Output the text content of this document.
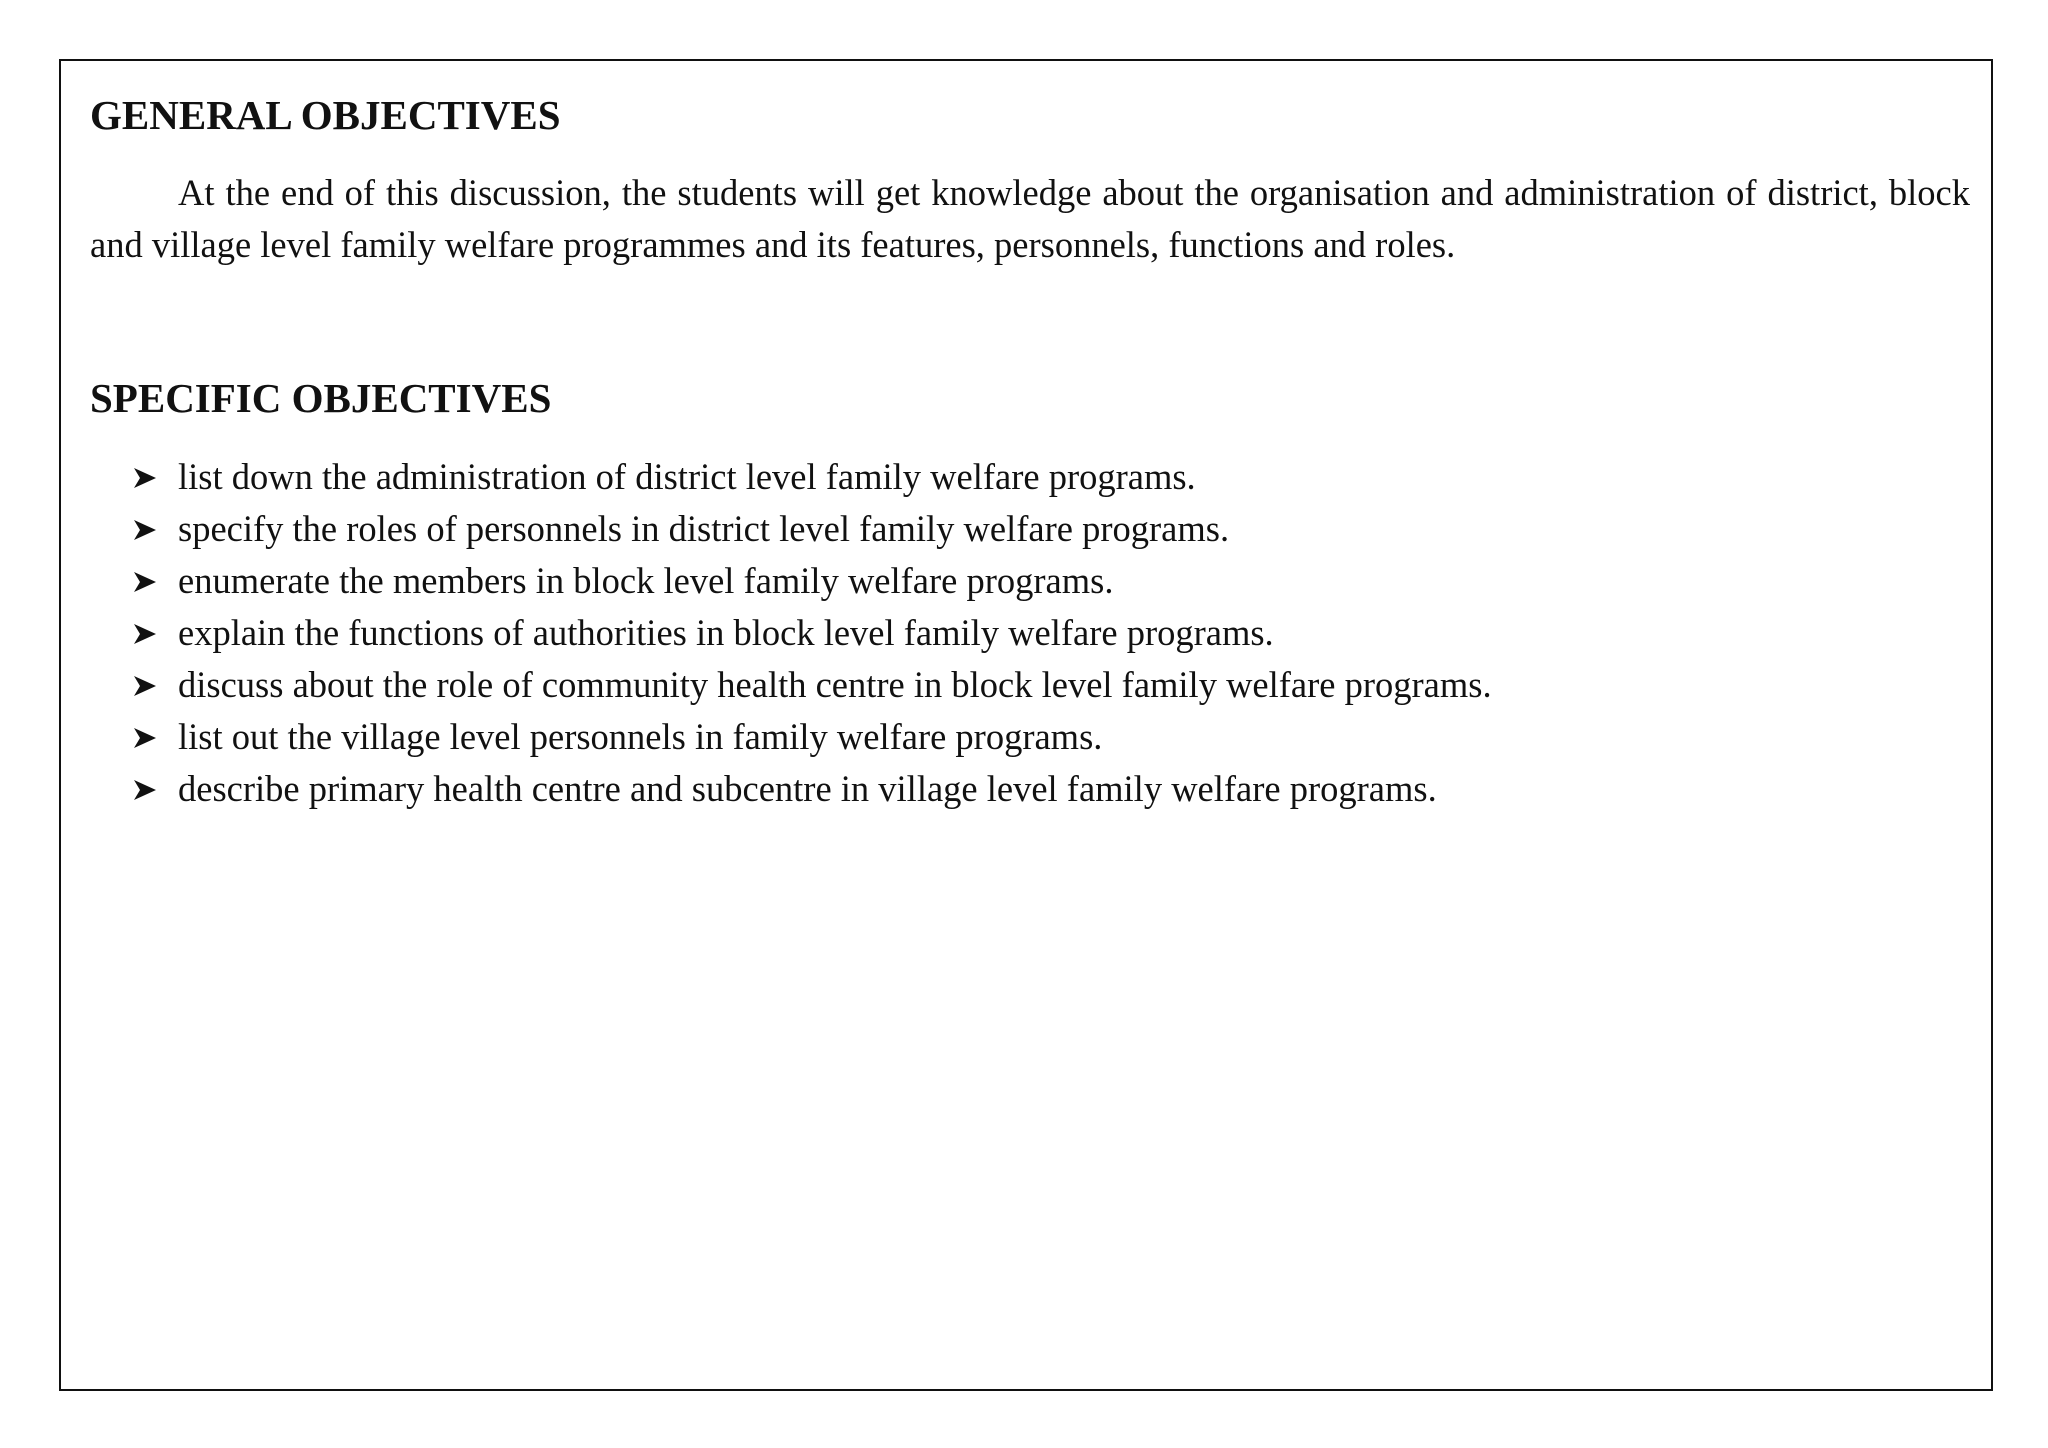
GENERAL OBJECTIVES

At the end of this discussion, the students will get knowledge about the organisation and administration of district, block and village level family welfare programmes and its features, personnels, functions and roles.

SPECIFIC OBJECTIVES
list down the administration of district level family welfare programs.
specify the roles of personnels in district level family welfare programs.
enumerate the members in block level family welfare programs.
explain the functions of authorities in block level family welfare programs.
discuss about the role of community health centre in block level family welfare programs.
list out the village level personnels in family welfare programs.
describe primary health centre and subcentre in village level family welfare programs.
